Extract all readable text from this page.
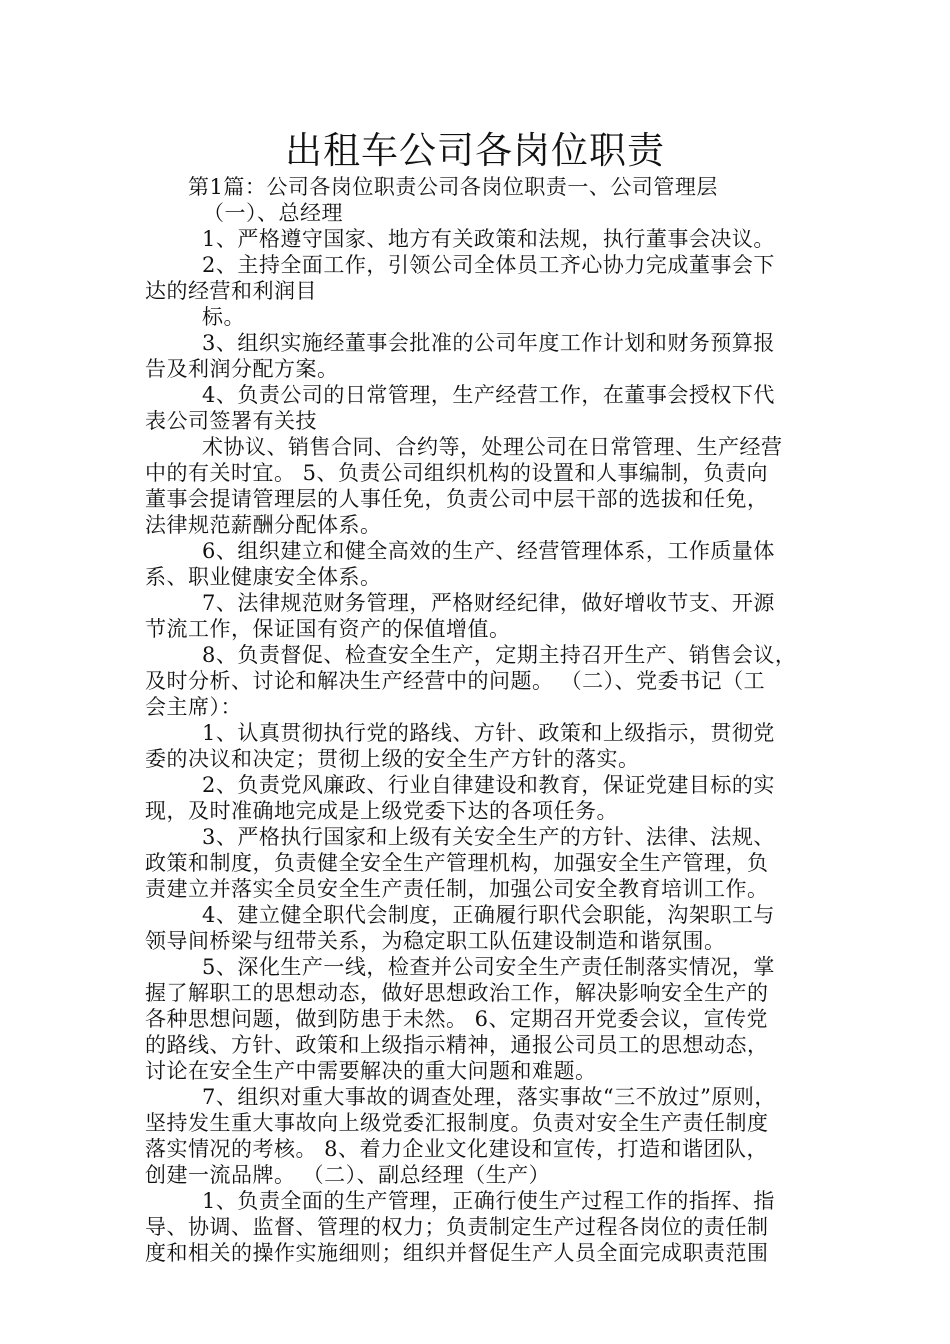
出租车公司各岗位职责
第1篇：公司各岗位职责公司各岗位职责一、公司管理层
（一）、总经理
1、严格遵守国家、地方有关政策和法规，执行董事会决议。
2、主持全面工作，引领公司全体员工齐心协力完成董事会下
达的经营和利润目
标。
3、组织实施经董事会批准的公司年度工作计划和财务预算报
告及利润分配方案。
4、负责公司的日常管理，生产经营工作，在董事会授权下代
表公司签署有关技
术协议、销售合同、合约等，处理公司在日常管理、生产经营
中的有关时宜。 5、负责公司组织机构的设置和人事编制，负责向
董事会提请管理层的人事任免，负责公司中层干部的选拔和任免，
法律规范薪酬分配体系。
6、组织建立和健全高效的生产、经营管理体系，工作质量体
系、职业健康安全体系。
7、法律规范财务管理，严格财经纪律，做好增收节支、开源
节流工作，保证国有资产的保值增值。
8、负责督促、检查安全生产，定期主持召开生产、销售会议，
及时分析、讨论和解决生产经营中的问题。 （二）、党委书记（工
会主席）：
1、认真贯彻执行党的路线、方针、政策和上级指示，贯彻党
委的决议和决定；贯彻上级的安全生产方针的落实。
2、负责党风廉政、行业自律建设和教育，保证党建目标的实
现，及时准确地完成是上级党委下达的各项任务。
3、严格执行国家和上级有关安全生产的方针、法律、法规、
政策和制度，负责健全安全生产管理机构，加强安全生产管理，负
责建立并落实全员安全生产责任制，加强公司安全教育培训工作。
4、建立健全职代会制度，正确履行职代会职能，沟架职工与
领导间桥梁与纽带关系，为稳定职工队伍建设制造和谐氛围。
5、深化生产一线，检查并公司安全生产责任制落实情况，掌
握了解职工的思想动态，做好思想政治工作，解决影响安全生产的
各种思想问题，做到防患于未然。 6、定期召开党委会议，宣传党
的路线、方针、政策和上级指示精神，通报公司员工的思想动态，
讨论在安全生产中需要解决的重大问题和难题。
7、组织对重大事故的调查处理，落实事故“三不放过”原则，
坚持发生重大事故向上级党委汇报制度。负责对安全生产责任制度
落实情况的考核。 8、着力企业文化建设和宣传，打造和谐团队，
创建一流品牌。 （二）、副总经理（生产）
1、负责全面的生产管理，正确行使生产过程工作的指挥、指
导、协调、监督、管理的权力；负责制定生产过程各岗位的责任制
度和相关的操作实施细则；组织并督促生产人员全面完成职责范围
